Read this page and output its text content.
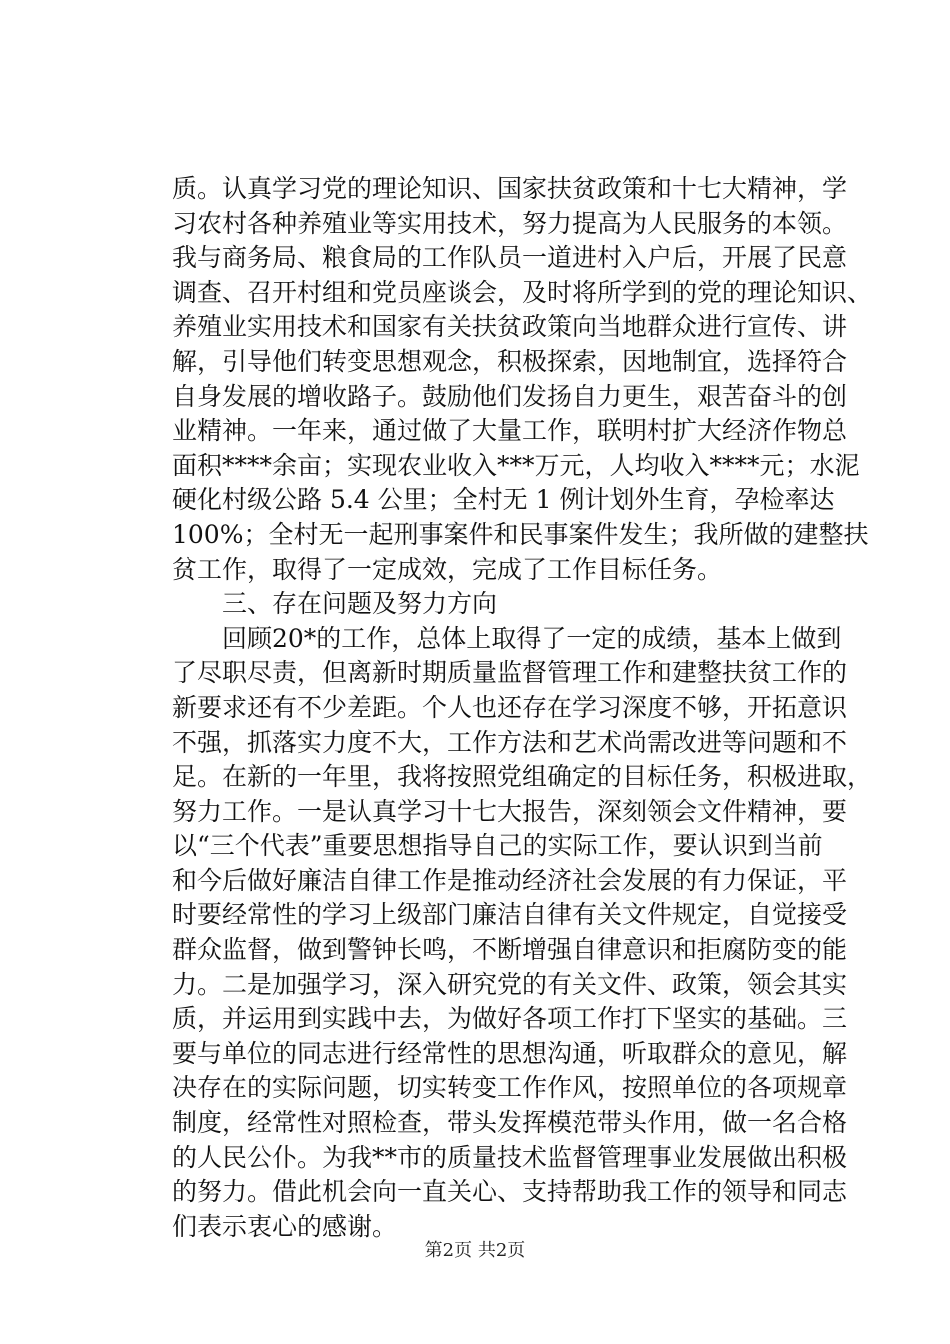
质。认真学习党的理论知识、国家扶贫政策和十七大精神，学
习农村各种养殖业等实用技术，努力提高为人民服务的本领。
我与商务局、粮食局的工作队员一道进村入户后，开展了民意
调查、召开村组和党员座谈会，及时将所学到的党的理论知识、
养殖业实用技术和国家有关扶贫政策向当地群众进行宣传、讲
解，引导他们转变思想观念，积极探索，因地制宜，选择符合
自身发展的增收路子。鼓励他们发扬自力更生，艰苦奋斗的创
业精神。一年来，通过做了大量工作，联明村扩大经济作物总
面积****余亩；实现农业收入***万元，人均收入****元；水泥
硬化村级公路 5.4 公里；全村无 1 例计划外生育，孕检率达
100%；全村无一起刑事案件和民事案件发生；我所做的建整扶
贫工作，取得了一定成效，完成了工作目标任务。
　　三、存在问题及努力方向
　　回顾20*的工作，总体上取得了一定的成绩，基本上做到
了尽职尽责，但离新时期质量监督管理工作和建整扶贫工作的
新要求还有不少差距。个人也还存在学习深度不够，开拓意识
不强，抓落实力度不大，工作方法和艺术尚需改进等问题和不
足。在新的一年里，我将按照党组确定的目标任务，积极进取，
努力工作。一是认真学习十七大报告，深刻领会文件精神，要
以“三个代表”重要思想指导自己的实际工作，要认识到当前
和今后做好廉洁自律工作是推动经济社会发展的有力保证，平
时要经常性的学习上级部门廉洁自律有关文件规定，自觉接受
群众监督，做到警钟长鸣，不断增强自律意识和拒腐防变的能
力。二是加强学习，深入研究党的有关文件、政策，领会其实
质，并运用到实践中去，为做好各项工作打下坚实的基础。三
要与单位的同志进行经常性的思想沟通，听取群众的意见，解
决存在的实际问题，切实转变工作作风，按照单位的各项规章
制度，经常性对照检查，带头发挥模范带头作用，做一名合格
的人民公仆。为我**市的质量技术监督管理事业发展做出积极
的努力。借此机会向一直关心、支持帮助我工作的领导和同志
们表示衷心的感谢。
第2页 共2页
